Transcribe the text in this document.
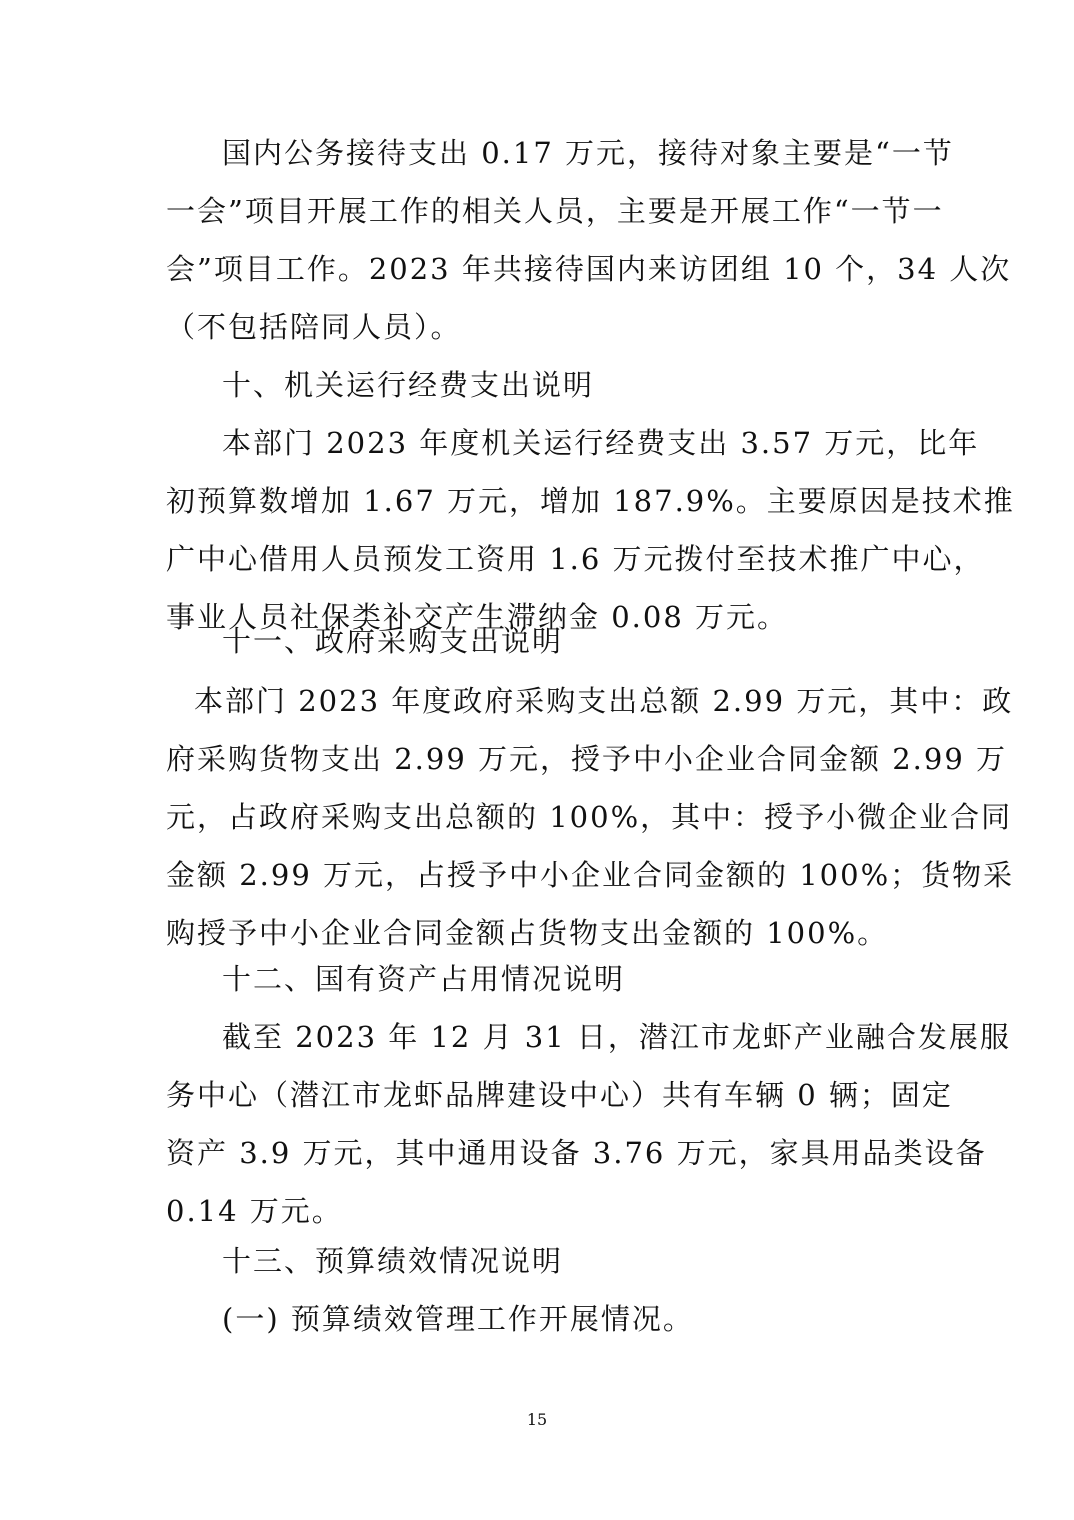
国内公务接待支出 0.17 万元，接待对象主要是“一节
一会”项目开展工作的相关人员，主要是开展工作“一节一
会”项目工作。2023 年共接待国内来访团组 10 个，34 人次
（不包括陪同人员）。
十、机关运行经费支出说明
本部门 2023 年度机关运行经费支出 3.57 万元，比年
初预算数增加 1.67 万元，增加 187.9%。主要原因是技术推
广中心借用人员预发工资用 1.6 万元拨付至技术推广中心，
事业人员社保类补交产生滞纳金 0.08 万元。
十一、政府采购支出说明
本部门 2023 年度政府采购支出总额 2.99 万元，其中：政
府采购货物支出 2.99 万元，授予中小企业合同金额 2.99 万
元，占政府采购支出总额的 100%，其中：授予小微企业合同
金额 2.99 万元，占授予中小企业合同金额的 100%；货物采
购授予中小企业合同金额占货物支出金额的 100%。
十二、国有资产占用情况说明
截至 2023 年 12 月 31 日，潜江市龙虾产业融合发展服
务中心（潜江市龙虾品牌建设中心）共有车辆 0 辆；固定
资产 3.9 万元，其中通用设备 3.76 万元，家具用品类设备
0.14 万元。
十三、预算绩效情况说明
(一) 预算绩效管理工作开展情况。
15
